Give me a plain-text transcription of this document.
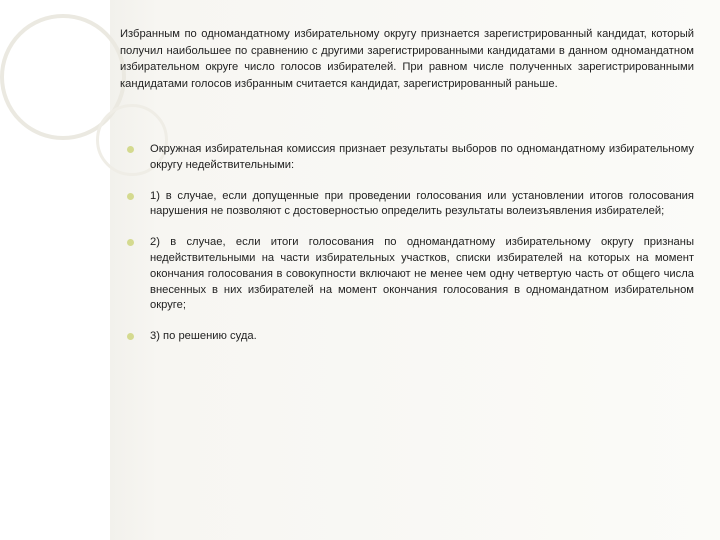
Избранным по одномандатному избирательному округу признается зарегистрированный кандидат, который получил наибольшее по сравнению с другими зарегистрированными кандидатами в данном одномандатном избирательном округе число голосов избирателей. При равном числе полученных зарегистрированными кандидатами голосов избранным считается кандидат, зарегистрированный раньше.

Окружная избирательная комиссия признает результаты выборов по одномандатному избирательному округу недействительными:
1) в случае, если допущенные при проведении голосования или установлении итогов голосования нарушения не позволяют с достоверностью определить результаты волеизъявления избирателей;
2) в случае, если итоги голосования по одномандатному избирательному округу признаны недействительными на части избирательных участков, списки избирателей на которых на момент окончания голосования в совокупности включают не менее чем одну четвертую часть от общего числа внесенных в них избирателей на момент окончания голосования в одномандатном избирательном округе;
3) по решению суда.
